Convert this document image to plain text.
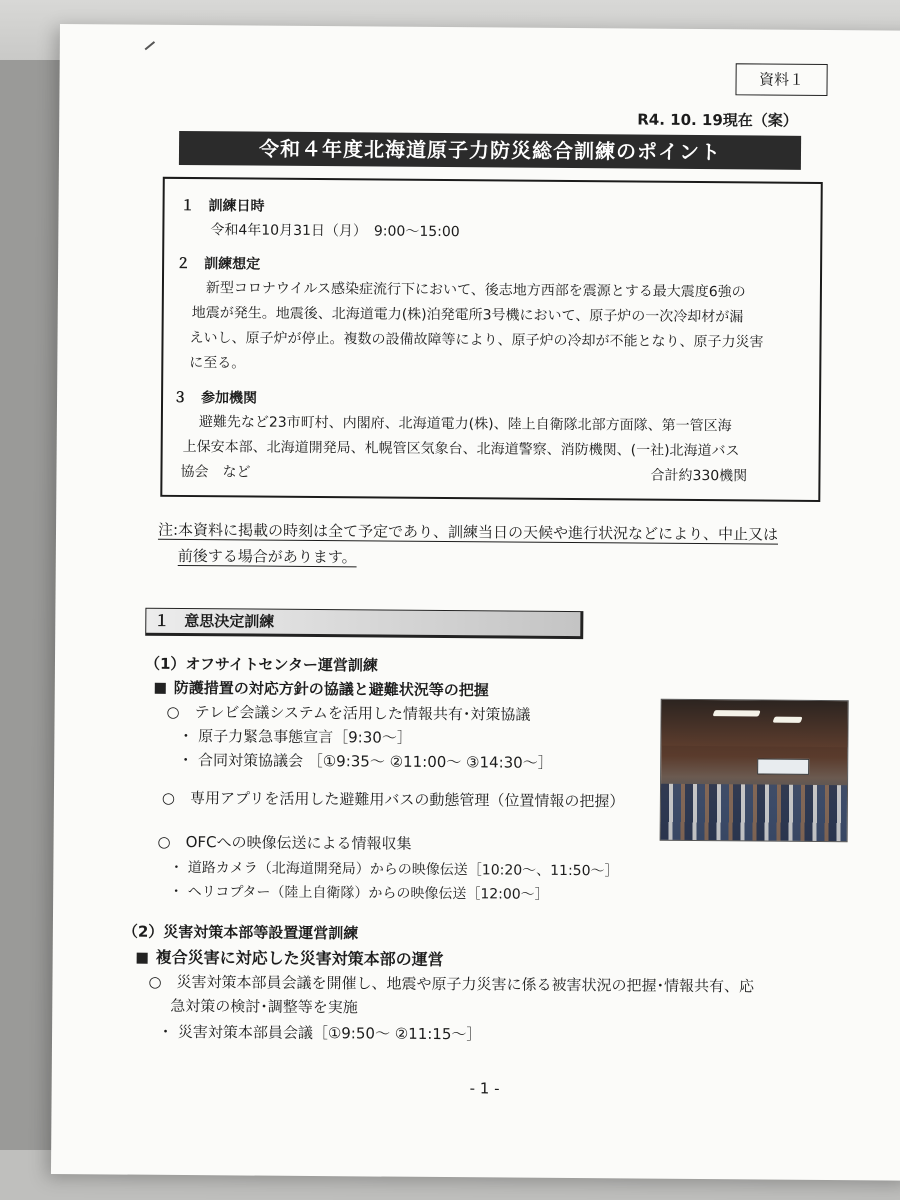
資料１
R4. 10. 19現在（案）
令和４年度北海道原子力防災総合訓練のポイント
１　訓練日時
令和4年10月31日（月）　9:00〜15:00
２　訓練想定
新型コロナウイルス感染症流行下において、後志地方西部を震源とする最大震度6強の
地震が発生。地震後、北海道電力(株)泊発電所3号機において、原子炉の一次冷却材が漏
えいし、原子炉が停止。複数の設備故障等により、原子炉の冷却が不能となり、原子力災害
に至る。
３　参加機関
避難先など23市町村、内閣府、北海道電力(株)、陸上自衛隊北部方面隊、第一管区海
上保安本部、北海道開発局、札幌管区気象台、北海道警察、消防機関、(一社)北海道バス
協会　など	合計約330機関
注:本資料に掲載の時刻は全て予定であり、訓練当日の天候や進行状況などにより、中止又は
前後する場合があります。
１　意思決定訓練
（1）オフサイトセンター運営訓練
防護措置の対応方針の協議と避難状況等の把握
○　テレビ会議システムを活用した情報共有･対策協議
・ 原子力緊急事態宣言［9:30〜］
・ 合同対策協議会 ［①9:35〜 ②11:00〜 ③14:30〜］
○　専用アプリを活用した避難用バスの動態管理（位置情報の把握）
○　OFCへの映像伝送による情報収集
・ 道路カメラ（北海道開発局）からの映像伝送［10:20〜、11:50〜］
・ ヘリコプター（陸上自衛隊）からの映像伝送［12:00〜］
（2）災害対策本部等設置運営訓練
複合災害に対応した災害対策本部の運営
○　災害対策本部員会議を開催し、地震や原子力災害に係る被害状況の把握･情報共有、応
急対策の検討･調整等を実施
・ 災害対策本部員会議［①9:50〜 ②11:15〜］
- 1 -
